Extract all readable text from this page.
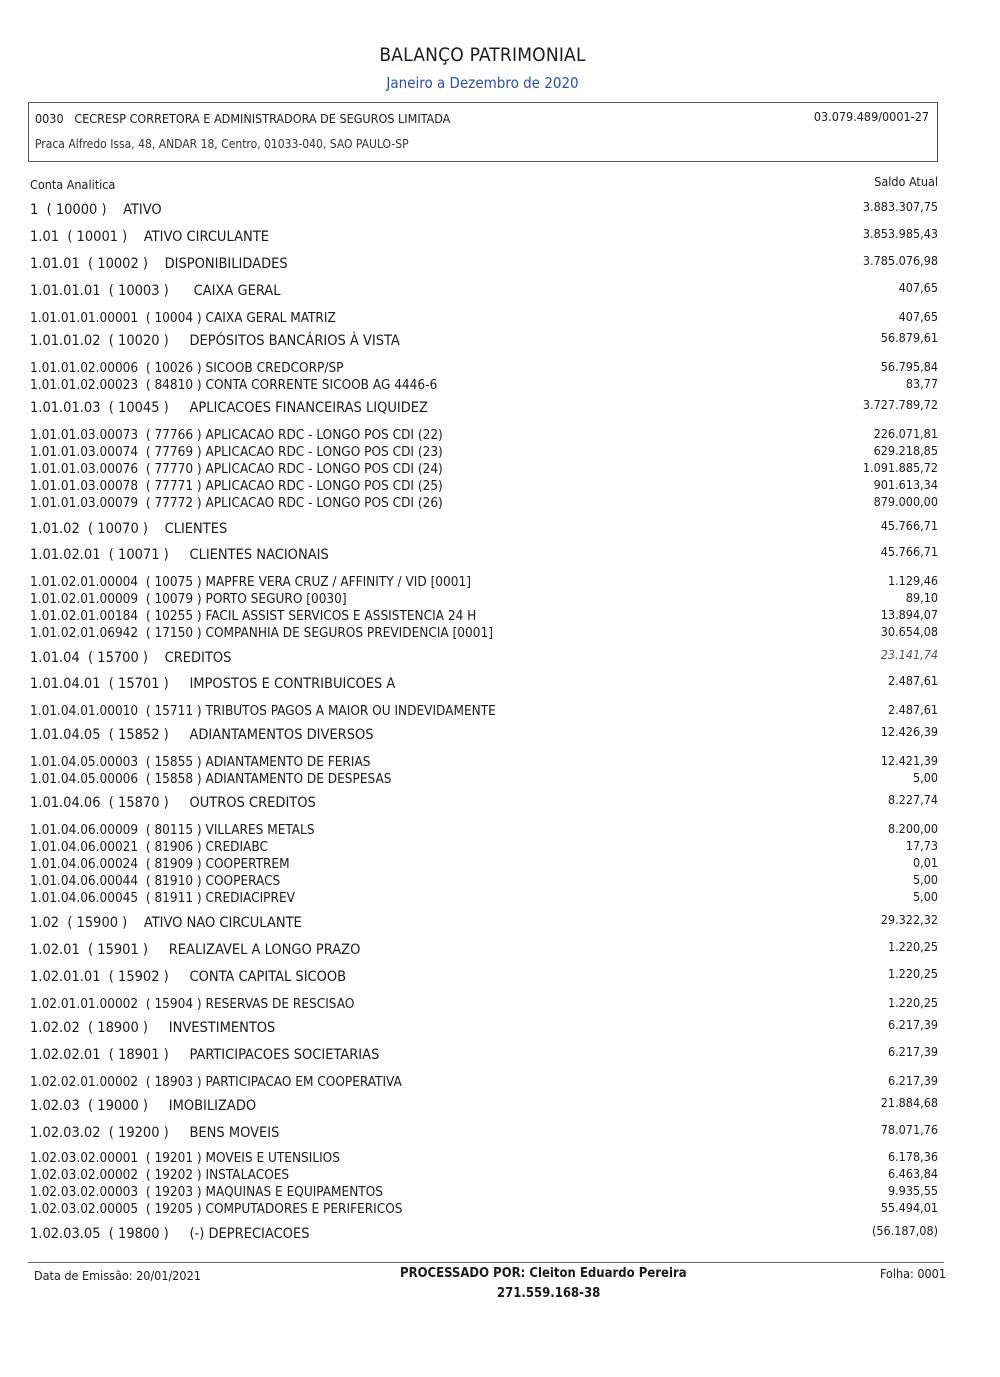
BALANÇO PATRIMONIAL
Janeiro a Dezembro de 2020
0030 CECRESP CORRETORA E ADMINISTRADORA DE SEGUROS LIMITADA	03.079.489/0001-27
Praca Alfredo Issa, 48, ANDAR 18, Centro, 01033-040, SAO PAULO-SP
Conta Analitica	Saldo Atual
1  ( 10000 )    ATIVO	3.883.307,75
1.01  ( 10001 )    ATIVO CIRCULANTE	3.853.985,43
1.01.01  ( 10002 )    DISPONIBILIDADES	3.785.076,98
1.01.01.01  ( 10003 )      CAIXA GERAL	407,65
1.01.01.01.00001  ( 10004 ) CAIXA GERAL MATRIZ	407,65
1.01.01.02  ( 10020 )     DEPÓSITOS BANCÁRIOS À VISTA	56.879,61
1.01.01.02.00006  ( 10026 ) SICOOB CREDCORP/SP	56.795,84
1.01.01.02.00023  ( 84810 ) CONTA CORRENTE SICOOB AG 4446-6	83,77
1.01.01.03  ( 10045 )     APLICACOES FINANCEIRAS LIQUIDEZ	3.727.789,72
1.01.01.03.00073  ( 77766 ) APLICACAO RDC - LONGO POS CDI (22)	226.071,81
1.01.01.03.00074  ( 77769 ) APLICACAO RDC - LONGO POS CDI (23)	629.218,85
1.01.01.03.00076  ( 77770 ) APLICACAO RDC - LONGO POS CDI (24)	1.091.885,72
1.01.01.03.00078  ( 77771 ) APLICACAO RDC - LONGO POS CDI (25)	901.613,34
1.01.01.03.00079  ( 77772 ) APLICACAO RDC - LONGO POS CDI (26)	879.000,00
1.01.02  ( 10070 )    CLIENTES	45.766,71
1.01.02.01  ( 10071 )     CLIENTES NACIONAIS	45.766,71
1.01.02.01.00004  ( 10075 ) MAPFRE VERA CRUZ / AFFINITY / VID [0001]	1.129,46
1.01.02.01.00009  ( 10079 ) PORTO SEGURO [0030]	89,10
1.01.02.01.00184  ( 10255 ) FACIL ASSIST SERVICOS E ASSISTENCIA 24 H	13.894,07
1.01.02.01.06942  ( 17150 ) COMPANHIA DE SEGUROS PREVIDENCIA [0001]	30.654,08
1.01.04  ( 15700 )    CREDITOS	23.141,74
1.01.04.01  ( 15701 )     IMPOSTOS E CONTRIBUICOES A	2.487,61
1.01.04.01.00010  ( 15711 ) TRIBUTOS PAGOS A MAIOR OU INDEVIDAMENTE	2.487,61
1.01.04.05  ( 15852 )     ADIANTAMENTOS DIVERSOS	12.426,39
1.01.04.05.00003  ( 15855 ) ADIANTAMENTO DE FERIAS	12.421,39
1.01.04.05.00006  ( 15858 ) ADIANTAMENTO DE DESPESAS	5,00
1.01.04.06  ( 15870 )     OUTROS CREDITOS	8.227,74
1.01.04.06.00009  ( 80115 ) VILLARES METALS	8.200,00
1.01.04.06.00021  ( 81906 ) CREDIABC	17,73
1.01.04.06.00024  ( 81909 ) COOPERTREM	0,01
1.01.04.06.00044  ( 81910 ) COOPERACS	5,00
1.01.04.06.00045  ( 81911 ) CREDIACIPREV	5,00
1.02  ( 15900 )    ATIVO NAO CIRCULANTE	29.322,32
1.02.01  ( 15901 )     REALIZAVEL A LONGO PRAZO	1.220,25
1.02.01.01  ( 15902 )     CONTA CAPITAL SICOOB	1.220,25
1.02.01.01.00002  ( 15904 ) RESERVAS DE RESCISAO	1.220,25
1.02.02  ( 18900 )     INVESTIMENTOS	6.217,39
1.02.02.01  ( 18901 )     PARTICIPACOES SOCIETARIAS	6.217,39
1.02.02.01.00002  ( 18903 ) PARTICIPACAO EM COOPERATIVA	6.217,39
1.02.03  ( 19000 )     IMOBILIZADO	21.884,68
1.02.03.02  ( 19200 )     BENS MOVEIS	78.071,76
1.02.03.02.00001  ( 19201 ) MOVEIS E UTENSILIOS	6.178,36
1.02.03.02.00002  ( 19202 ) INSTALACOES	6.463,84
1.02.03.02.00003  ( 19203 ) MAQUINAS E EQUIPAMENTOS	9.935,55
1.02.03.02.00005  ( 19205 ) COMPUTADORES E PERIFERICOS	55.494,01
1.02.03.05  ( 19800 )     (-) DEPRECIACOES	(56.187,08)
Data de Emissão: 20/01/2021	PROCESSADO POR: Cleiton Eduardo Pereira
271.559.168-38
Folha: 0001
